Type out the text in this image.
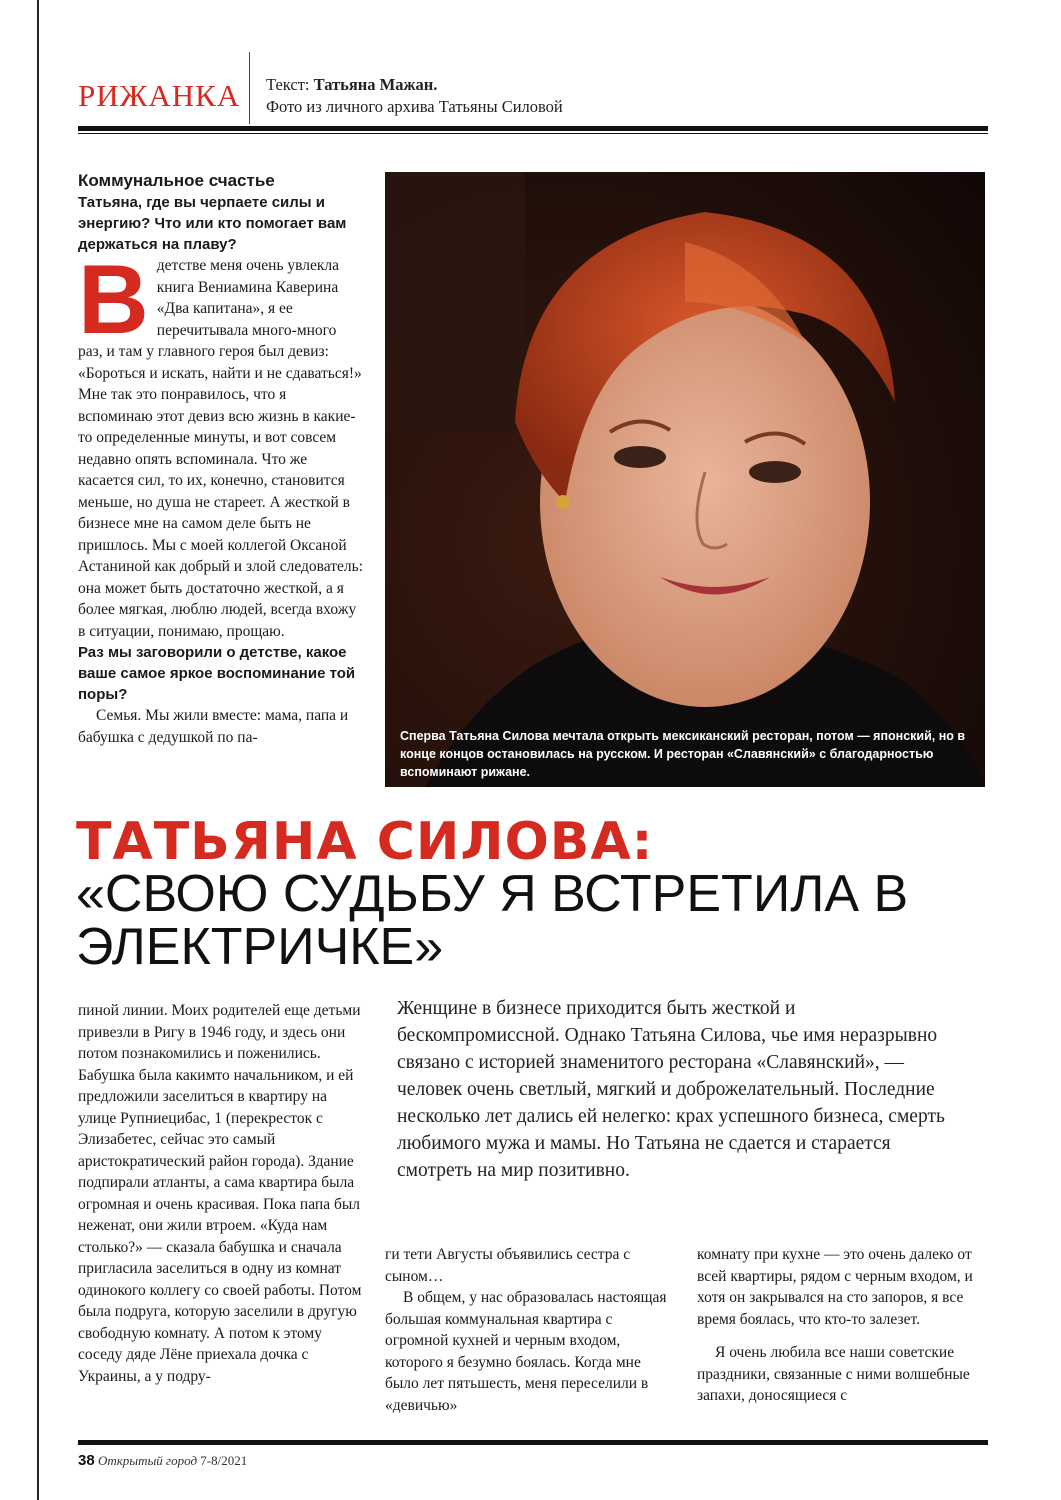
РИЖАНКА Текст: Татьяна Мажан.
Фото из личного архива Татьяны Силовой

Коммунальное счастье

Татьяна, где вы черпаете силы и энергию? Что или кто помогает вам держаться на плаву?

Вдетстве меня очень увлекла книга Вениамина Каверина «Два капитана», я ее перечитывала много-много раз, и там у главного героя был девиз: «Бороться и искать, найти и не сдаваться!» Мне так это понравилось, что я вспоминаю этот девиз всю жизнь в какие-то определенные минуты, и вот совсем недавно опять вспоминала. Что же касается сил, то их, конечно, становится меньше, но душа не стареет. А жесткой в бизнесе мне на самом деле быть не пришлось. Мы с моей коллегой Оксаной Астаниной как добрый и злой следователь: она может быть достаточно жесткой, а я более мягкая, люблю людей, всегда вхожу в ситуации, понимаю, прощаю.

Раз мы заговорили о детстве, какое ваше самое яркое воспоминание той поры?

Семья. Мы жили вместе: мама, папа и бабушка с дедушкой по па-	Сперва Татьяна Силова мечтала открыть мексиканский ресторан, потом — японский, но в конце концов остановилась на русском. И ресторан «Славянский» с благодарностью вспоминают рижане.
ТАТЬЯНА СИЛОВА:
«СВОЮ СУДЬБУ Я ВСТРЕТИЛА В ЭЛЕКТРИЧКЕ»

пиной линии. Моих родителей еще детьми привезли в Ригу в 1946 году, и здесь они потом познакомились и поженились. Бабушка была какимто начальником, и ей предложили заселиться в квартиру на улице Рупниецибас, 1 (перекресток с Элизабетес, сейчас это самый аристократический район города). Здание подпирали атланты, а сама квартира была огромная и очень красивая. Пока папа был неженат, они жили втроем. «Куда нам столько?» — сказала бабушка и сначала пригласила заселиться в одну из комнат одинокого коллегу со своей работы. Потом была подруга, которую заселили в другую свободную комнату. А потом к этому соседу дяде Лёне приехала дочка с Украины, а у подру-

Женщине в бизнесе приходится быть жесткой и бескомпромиссной. Однако Татьяна Силова, чье имя неразрывно связано с историей знаменитого ресторана «Славянский», — человек очень светлый, мягкий и доброжелательный. Последние несколько лет дались ей нелегко: крах успешного бизнеса, смерть любимого мужа и мамы. Но Татьяна не сдается и старается смотреть на мир позитивно.

ги тети Августы объявились сестра с сыном…

В общем, у нас образовалась настоящая большая коммунальная квартира с огромной кухней и черным входом, которого я безумно боялась. Когда мне было лет пятьшесть, меня переселили в «девичью»

комнату при кухне — это очень далеко от всей квартиры, рядом с черным входом, и хотя он закрывался на сто запоров, я все время боялась, что кто-то залезет.

Я очень любила все наши советские праздники, связанные с ними волшебные запахи, доносящиеся с

38 Открытый город 7-8/2021
